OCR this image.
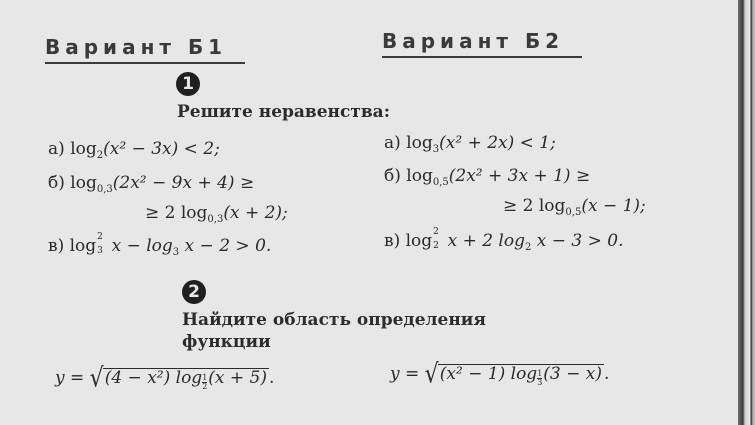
Вариант Б1	Вариант Б2
1
Решите неравенства:
а) $\log_2(x^2 - 3x) < 2$;
б) $\log_{0,3}(2x^2 - 9x + 4)$ ≥
≥ 2 $\log_{0,3}(x + 2)$;
в) log 2
3 $x - \log_3 x - 2 > 0$.
а) $\log_3(x^2 + 2x) < 1$;
б) $\log_{0,5}(2x^2 + 3x + 1)$ ≥
≥ 2 $\log_{0,5}(x - 1)$;
в) log 2
2 x + 2 $\log_2 x - 3 > 0$.
2
Найдите область определения
функции
y = √(4 − x²) $\log \frac{1}{2} (x + 5)$ .	y = √(x² − 1) $\log \frac{1}{3} (3 - x)$ .
